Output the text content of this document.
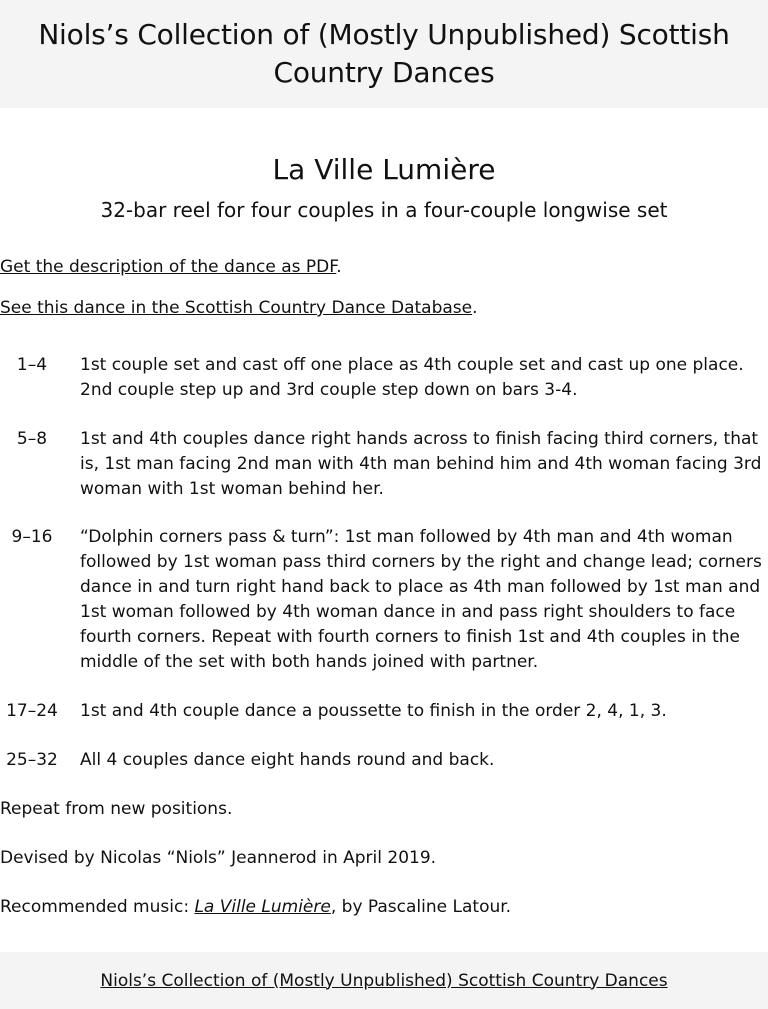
Niols’s Collection of (Mostly Unpublished) Scottish Country Dances
La Ville Lumière

32-bar reel for four couples in a four-couple longwise set

Get the description of the dance as PDF.

See this dance in the Scottish Country Dance Database.

1–4	1st couple set and cast off one place as 4th couple set and cast up one place. 2nd couple step up and 3rd couple step down on bars 3-4.
5–8	1st and 4th couples dance right hands across to finish facing third corners, that is, 1st man facing 2nd man with 4th man behind him and 4th woman facing 3rd woman with 1st woman behind her.
9–16	“Dolphin corners pass & turn”: 1st man followed by 4th man and 4th woman followed by 1st woman pass third corners by the right and change lead; corners dance in and turn right hand back to place as 4th man followed by 1st man and 1st woman followed by 4th woman dance in and pass right shoulders to face fourth corners. Repeat with fourth corners to finish 1st and 4th couples in the middle of the set with both hands joined with partner.
17–24	1st and 4th couple dance a poussette to finish in the order 2, 4, 1, 3.
25–32	All 4 couples dance eight hands round and back.

Repeat from new positions.

Devised by Nicolas “Niols” Jeannerod in April 2019.

Recommended music: La Ville Lumière, by Pascaline Latour.

Niols’s Collection of (Mostly Unpublished) Scottish Country Dances
